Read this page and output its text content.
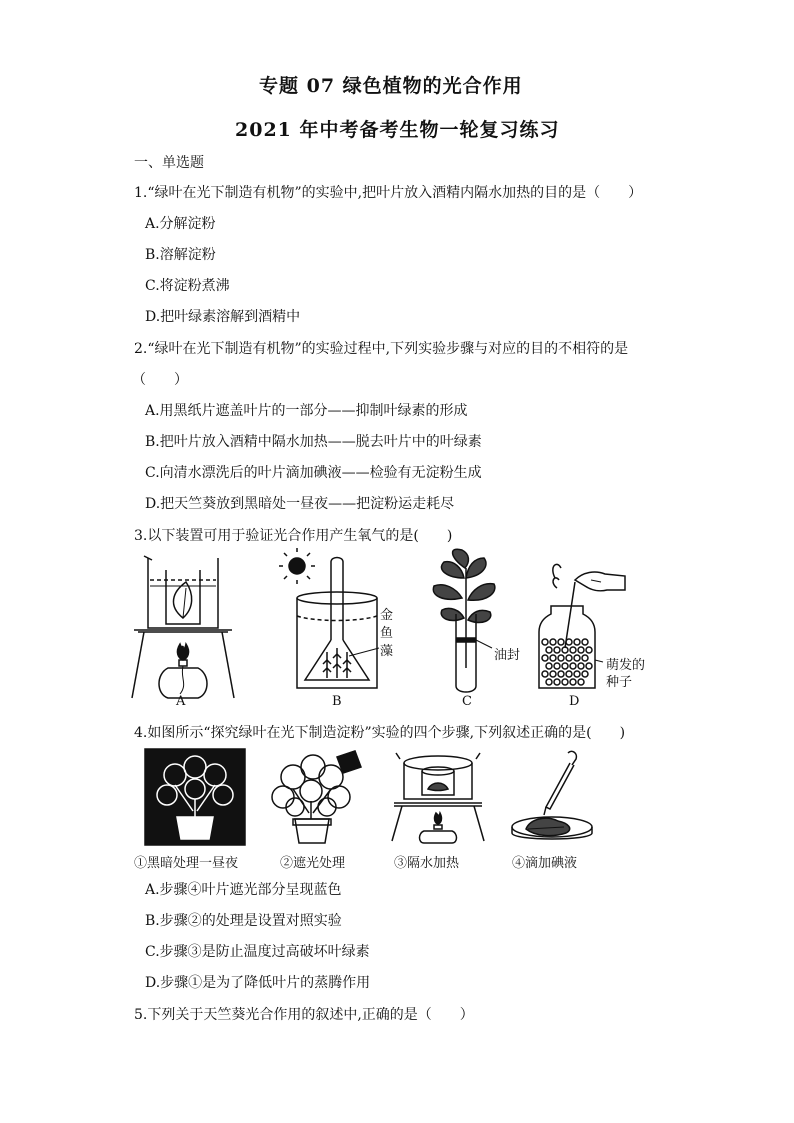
专题 07 绿色植物的光合作用
2021 年中考备考生物一轮复习练习
一、单选题
1.“绿叶在光下制造有机物”的实验中,把叶片放入酒精内隔水加热的目的是（　　）
A.分解淀粉
B.溶解淀粉
C.将淀粉煮沸
D.把叶绿素溶解到酒精中
2.“绿叶在光下制造有机物”的实验过程中,下列实验步骤与对应的目的不相符的是
（　　）
A.用黑纸片遮盖叶片的一部分——抑制叶绿素的形成
B.把叶片放入酒精中隔水加热——脱去叶片中的叶绿素
C.向清水漂洗后的叶片滴加碘液——检验有无淀粉生成
D.把天竺葵放到黑暗处一昼夜——把淀粉运走耗尽
3.以下装置可用于验证光合作用产生氧气的是(　　)
A
金
鱼
藻
B
油封
C
萌发的
种子
D
4.如图所示“探究绿叶在光下制造淀粉”实验的四个步骤,下列叙述正确的是(　　)
①黑暗处理一昼夜	②遮光处理	③隔水加热	④滴加碘液
A.步骤④叶片遮光部分呈现蓝色
B.步骤②的处理是设置对照实验
C.步骤③是防止温度过高破坏叶绿素
D.步骤①是为了降低叶片的蒸腾作用
5.下列关于天竺葵光合作用的叙述中,正确的是（　　）
